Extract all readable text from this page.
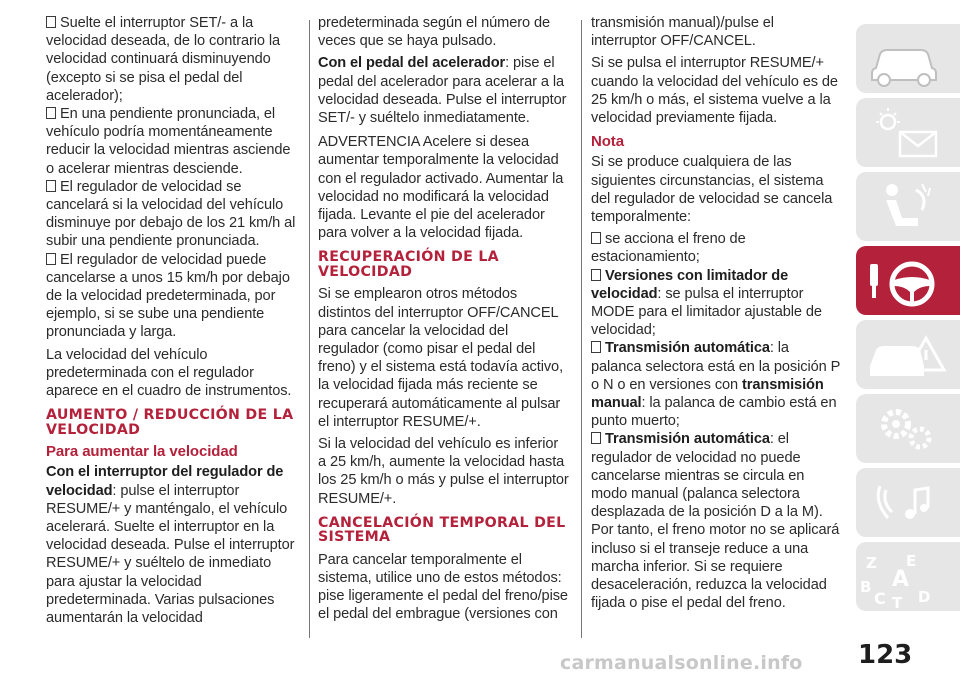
Suelte el interruptor SET/- a la velocidad deseada, de lo contrario la velocidad continuará disminuyendo (excepto si se pisa el pedal del acelerador);

En una pendiente pronunciada, el vehículo podría momentáneamente reducir la velocidad mientras asciende o acelerar mientras desciende.

El regulador de velocidad se cancelará si la velocidad del vehículo disminuye por debajo de los 21 km/h al subir una pendiente pronunciada.

El regulador de velocidad puede cancelarse a unos 15 km/h por debajo de la velocidad predeterminada, por ejemplo, si se sube una pendiente pronunciada y larga.

La velocidad del vehículo predeterminada con el regulador aparece en el cuadro de instrumentos.

AUMENTO / REDUCCIÓN DE LA VELOCIDAD
Para aumentar la velocidad

Con el interruptor del regulador de velocidad: pulse el interruptor RESUME/+ y manténgalo, el vehículo acelerará. Suelte el interruptor en la velocidad deseada. Pulse el interruptor RESUME/+ y suéltelo de inmediato para ajustar la velocidad predeterminada. Varias pulsaciones aumentarán la velocidad

predeterminada según el número de veces que se haya pulsado.

Con el pedal del acelerador: pise el pedal del acelerador para acelerar a la velocidad deseada. Pulse el interruptor SET/- y suéltelo inmediatamente.

ADVERTENCIA Acelere si desea aumentar temporalmente la velocidad con el regulador activado. Aumentar la velocidad no modificará la velocidad fijada. Levante el pie del acelerador para volver a la velocidad fijada.

RECUPERACIÓN DE LA VELOCIDAD

Si se emplearon otros métodos distintos del interruptor OFF/CANCEL para cancelar la velocidad del regulador (como pisar el pedal del freno) y el sistema está todavía activo, la velocidad fijada más reciente se recuperará automáticamente al pulsar el interruptor RESUME/+.

Si la velocidad del vehículo es inferior a 25 km/h, aumente la velocidad hasta los 25 km/h o más y pulse el interruptor RESUME/+.

CANCELACIÓN TEMPORAL DEL SISTEMA

Para cancelar temporalmente el sistema, utilice uno de estos métodos: pise ligeramente el pedal del freno/pise el pedal del embrague (versiones con

transmisión manual)/pulse el interruptor OFF/CANCEL.

Si se pulsa el interruptor RESUME/+ cuando la velocidad del vehículo es de 25 km/h o más, el sistema vuelve a la velocidad previamente fijada.

Nota

Si se produce cualquiera de las siguientes circunstancias, el sistema del regulador de velocidad se cancela temporalmente:

se acciona el freno de estacionamiento;

Versiones con limitador de velocidad: se pulsa el interruptor MODE para el limitador ajustable de velocidad;

Transmisión automática: la palanca selectora está en la posición P o N o en versiones con transmisión manual: la palanca de cambio está en punto muerto;

Transmisión automática: el regulador de velocidad no puede cancelarse mientras se circula en modo manual (palanca selectora desplazada de la posición D a la M). Por tanto, el freno motor no se aplicará incluso si el transeje reduce a una marcha inferior. Si se requiere desaceleración, reduzca la velocidad fijada o pise el pedal del freno.

Z E
A
B
C T D
123
carmanualsonline.info
